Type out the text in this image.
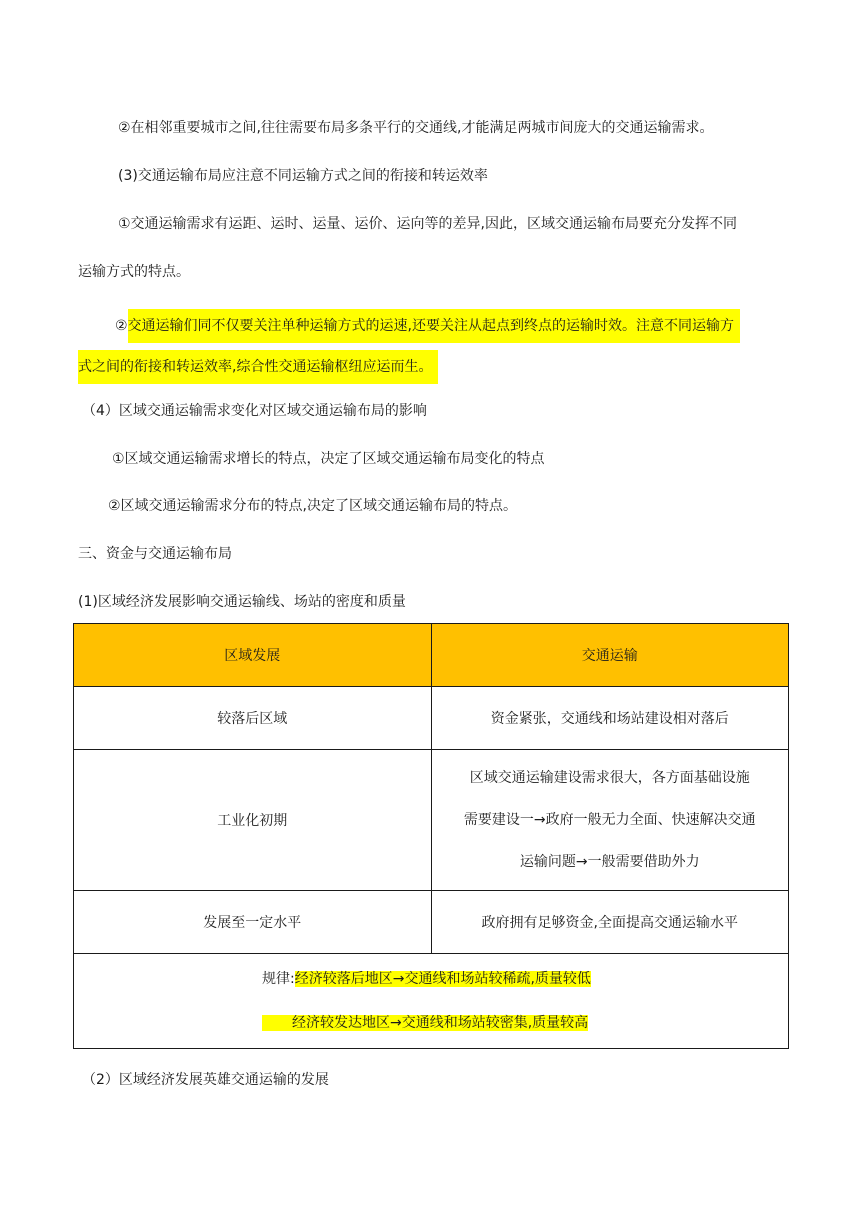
②在相邻重要城市之间,往往需要布局多条平行的交通线,才能满足两城市间庞大的交通运输需求。
(3)交通运输布局应注意不同运输方式之间的衔接和转运效率
①交通运输需求有运距、运时、运量、运价、运向等的差异,因此，区域交通运输布局要充分发挥不同
运输方式的特点。
②交通运输们同不仅要关注单种运输方式的运速,还要关注从起点到终点的运输时效。注意不同运输方
式之间的衔接和转运效率,综合性交通运输枢纽应运而生。
（4）区域交通运输需求变化对区域交通运输布局的影响
①区域交通运输需求增长的特点，决定了区域交通运输布局变化的特点
②区域交通运输需求分布的特点,决定了区域交通运输布局的特点。
三、资金与交通运输布局
(1)区域经济发展影响交通运输线、场站的密度和质量
区域发展	交通运输
较落后区域	资金紧张，交通线和场站建设相对落后
工业化初期	区域交通运输建设需求很大，各方面基础设施
需要建设一→政府一般无力全面、快速解决交通
运输问题→一般需要借助外力

发展至一定水平	政府拥有足够资金,全面提高交通运输水平

规律:经济较落后地区→交通线和场站较稀疏,质量较低
经济较发达地区→交通线和场站较密集,质量较高	
（2）区域经济发展英雄交通运输的发展
